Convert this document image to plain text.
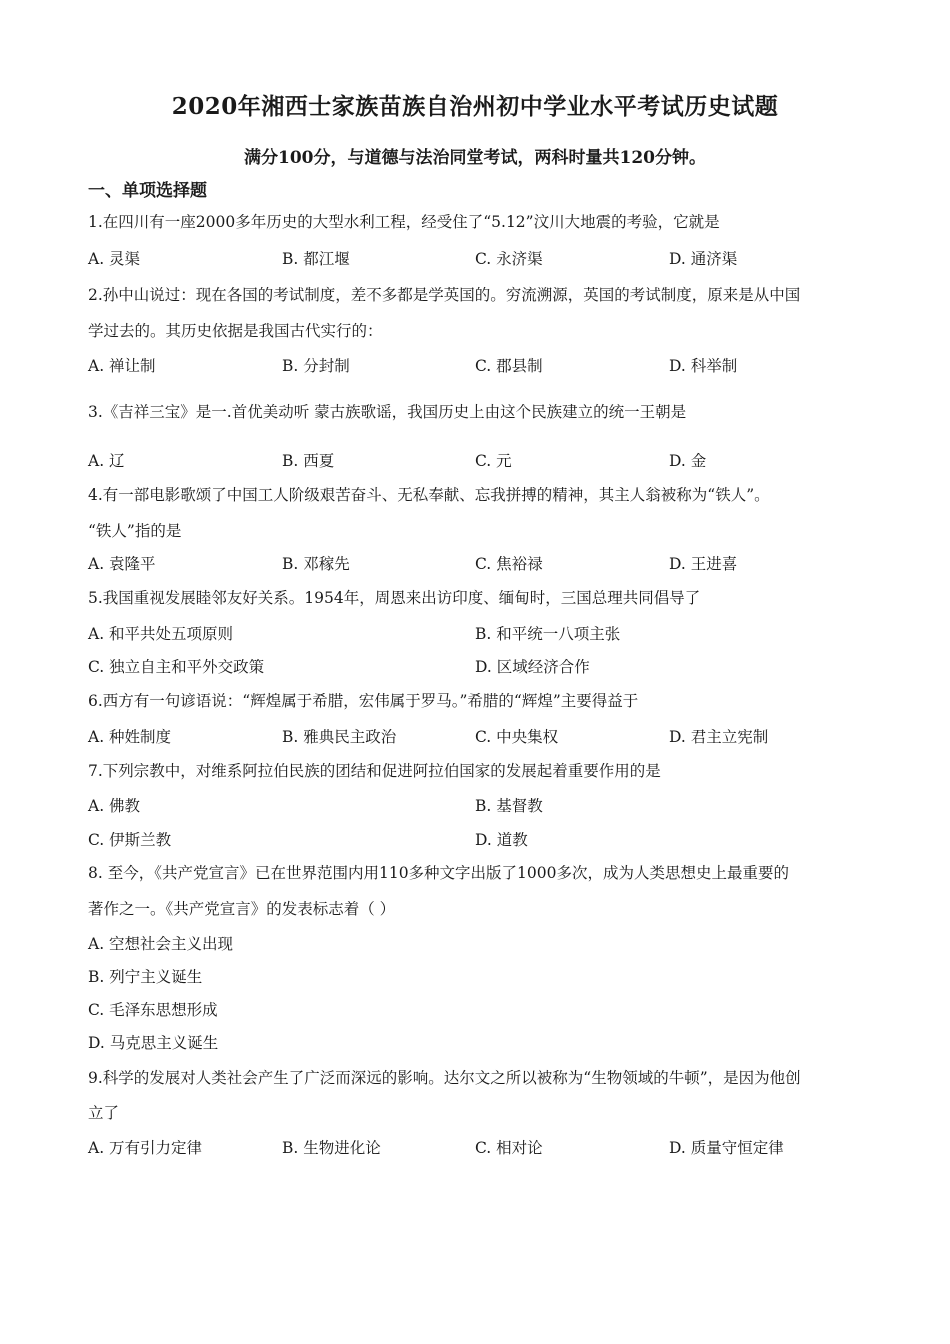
2020年湘西士家族苗族自治州初中学业水平考试历史试题
满分100分，与道德与法治同堂考试，两科时量共120分钟。
一、单项选择题
1.在四川有一座2000多年历史的大型水利工程，经受住了“5.12”汶川大地震的考验，它就是
A. 灵渠	B. 都江堰	C. 永济渠	D. 通济渠
2.孙中山说过：现在各国的考试制度，差不多都是学英国的。穷流溯源，英国的考试制度，原来是从中国
学过去的。其历史依据是我国古代实行的：
A. 禅让制	B. 分封制	C. 郡县制	D. 科举制
3.《吉祥三宝》是一.首优美动听 蒙古族歌谣，我国历史上由这个民族建立的统一王朝是
A. 辽	B. 西夏	C. 元	D. 金
4.有一部电影歌颂了中国工人阶级艰苦奋斗、无私奉献、忘我拼搏的精神，其主人翁被称为“铁人”。
“铁人”指的是
A. 袁隆平	B. 邓稼先	C. 焦裕禄	D. 王进喜
5.我国重视发展睦邻友好关系。1954年，周恩来出访印度、缅甸时，三国总理共同倡导了
A. 和平共处五项原则	B. 和平统一八项主张
C. 独立自主和平外交政策	D. 区域经济合作
6.西方有一句谚语说：“辉煌属于希腊，宏伟属于罗马。”希腊的“辉煌”主要得益于
A. 种姓制度	B. 雅典民主政治	C. 中央集权	D. 君主立宪制
7.下列宗教中，对维系阿拉伯民族的团结和促进阿拉伯国家的发展起着重要作用的是
A. 佛教	B. 基督教
C. 伊斯兰教	D. 道教
8. 至今，《共产党宣言》已在世界范围内用110多种文字出版了1000多次，成为人类思想史上最重要的
著作之一。《共产党宣言》的发表标志着（ ）
A. 空想社会主义出现
B. 列宁主义诞生
C. 毛泽东思想形成
D. 马克思主义诞生
9.科学的发展对人类社会产生了广泛而深远的影响。达尔文之所以被称为“生物领域的牛顿”，是因为他创
立了
A. 万有引力定律	B. 生物进化论	C. 相对论	D. 质量守恒定律
